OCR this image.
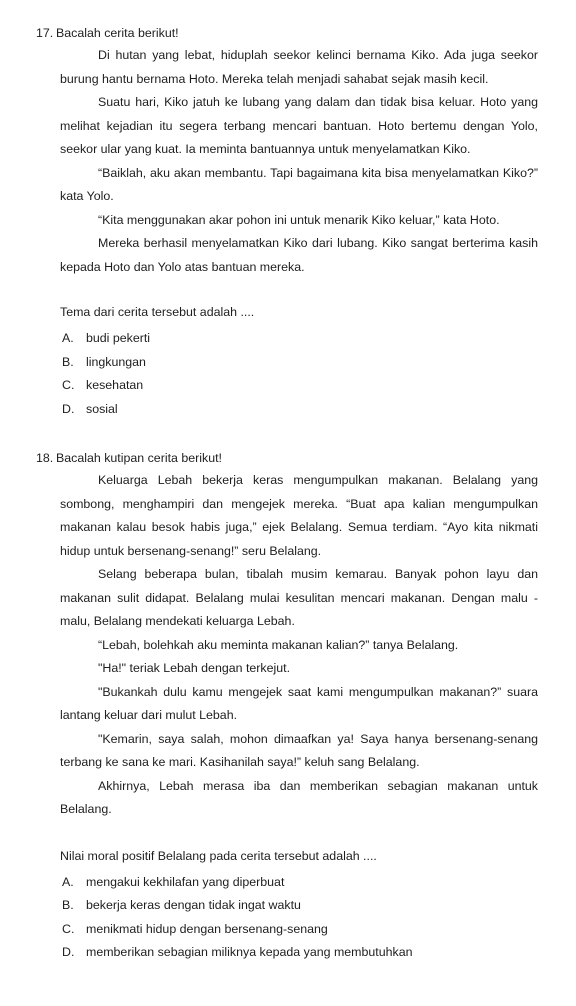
17. Bacalah cerita berikut!

Di hutan yang lebat, hiduplah seekor kelinci bernama Kiko. Ada juga seekor burung hantu bernama Hoto. Mereka telah menjadi sahabat sejak masih kecil.

Suatu hari, Kiko jatuh ke lubang yang dalam dan tidak bisa keluar. Hoto yang melihat kejadian itu segera terbang mencari bantuan. Hoto bertemu dengan Yolo, seekor ular yang kuat. Ia meminta bantuannya untuk menyelamatkan Kiko.

“Baiklah, aku akan membantu. Tapi bagaimana kita bisa menyelamatkan Kiko?” kata Yolo.

“Kita menggunakan akar pohon ini untuk menarik Kiko keluar,” kata Hoto.

Mereka berhasil menyelamatkan Kiko dari lubang. Kiko sangat berterima kasih kepada Hoto dan Yolo atas bantuan mereka.

Tema dari cerita tersebut adalah ....
A. budi pekerti
B. lingkungan
C. kesehatan
D. sosial
18. Bacalah kutipan cerita berikut!

Keluarga Lebah bekerja keras mengumpulkan makanan. Belalang yang sombong, menghampiri dan mengejek mereka. “Buat apa kalian mengumpulkan makanan kalau besok habis juga,” ejek Belalang. Semua terdiam. “Ayo kita nikmati hidup untuk bersenang-senang!” seru Belalang.

Selang beberapa bulan, tibalah musim kemarau. Banyak pohon layu dan makanan sulit didapat. Belalang mulai kesulitan mencari makanan. Dengan malu -malu, Belalang mendekati keluarga Lebah.

“Lebah, bolehkah aku meminta makanan kalian?” tanya Belalang.

"Ha!" teriak Lebah dengan terkejut.

"Bukankah dulu kamu mengejek saat kami mengumpulkan makanan?” suara lantang keluar dari mulut Lebah.

"Kemarin, saya salah, mohon dimaafkan ya! Saya hanya bersenang-senang terbang ke sana ke mari. Kasihanilah saya!” keluh sang Belalang.

Akhirnya, Lebah merasa iba dan memberikan sebagian makanan untuk Belalang.

Nilai moral positif Belalang pada cerita tersebut adalah ....
A. mengakui kekhilafan yang diperbuat
B. bekerja keras dengan tidak ingat waktu
C. menikmati hidup dengan bersenang-senang
D. memberikan sebagian miliknya kepada yang membutuhkan
